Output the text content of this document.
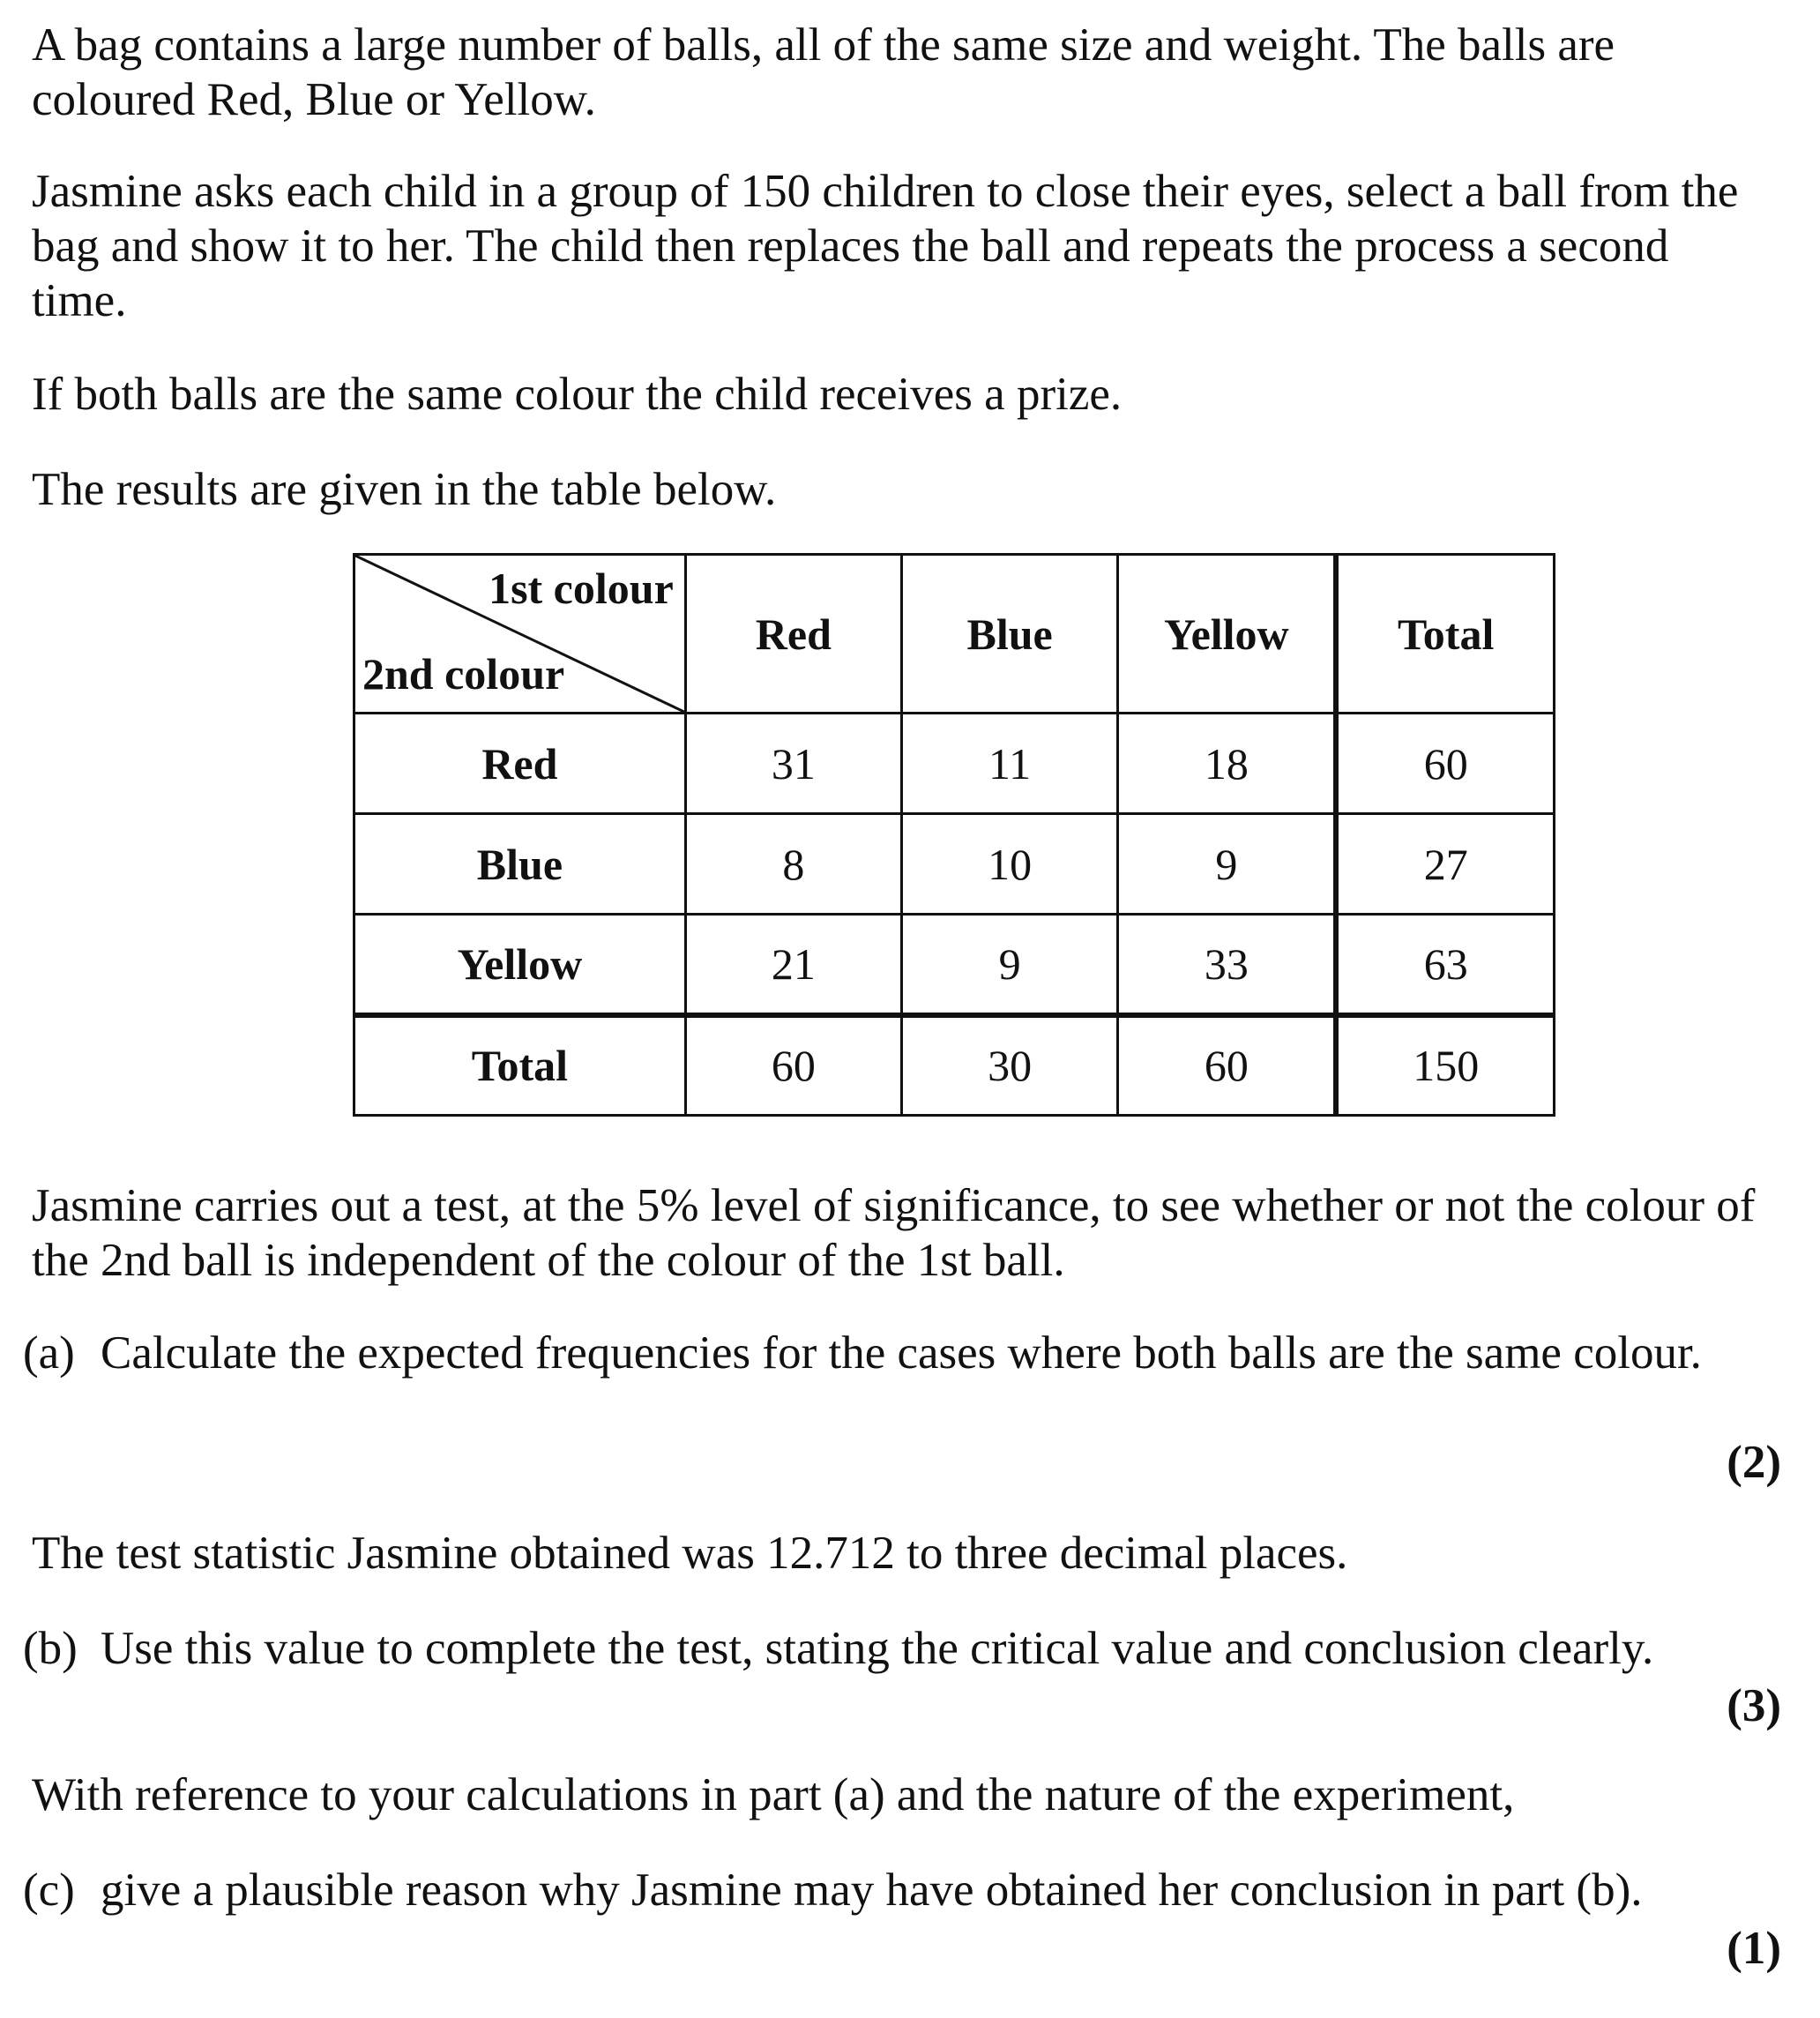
A bag contains a large number of balls, all of the same size and weight. The balls are coloured Red, Blue or Yellow.

Jasmine asks each child in a group of 150 children to close their eyes, select a ball from the bag and show it to her. The child then replaces the ball and repeats the process a second time.

If both balls are the same colour the child receives a prize.

The results are given in the table below.

1st colour
2nd colour	Red	Blue	Yellow	Total
Red	31	11	18	60
Blue	8	10	9	27
Yellow	21	9	33	63
Total	60	30	60	150

Jasmine carries out a test, at the 5% level of significance, to see whether or not the colour of the 2nd ball is independent of the colour of the 1st ball.

(a) Calculate the expected frequencies for the cases where both balls are the same colour.

(2)

The test statistic Jasmine obtained was 12.712 to three decimal places.

(b) Use this value to complete the test, stating the critical value and conclusion clearly.

(3)

With reference to your calculations in part (a) and the nature of the experiment,

(c) give a plausible reason why Jasmine may have obtained her conclusion in part (b).

(1)
